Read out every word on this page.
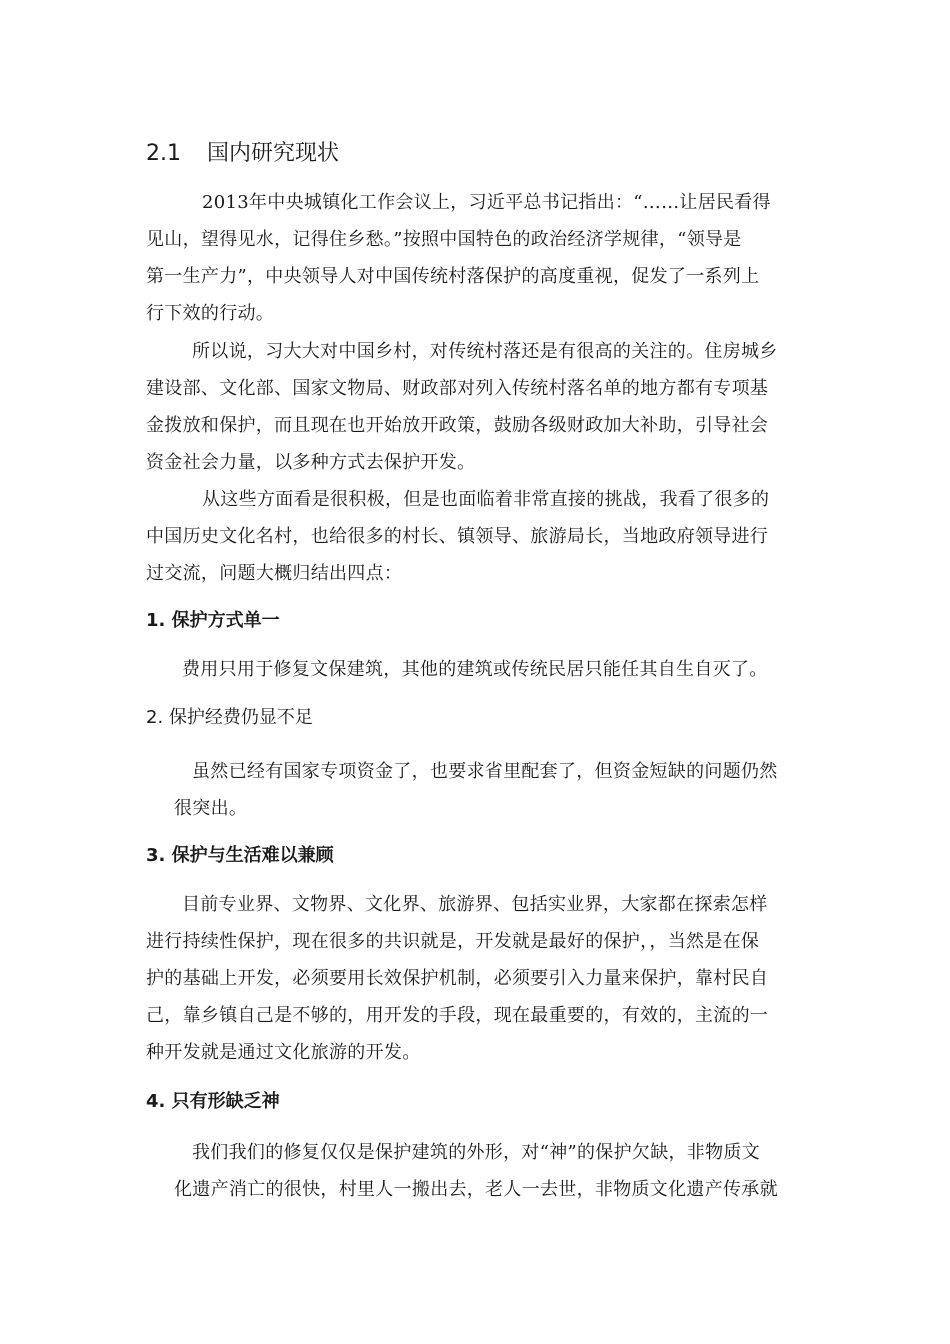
2.1 国内研究现状
2013年中央城镇化工作会议上，习近平总书记指出：“……让居民看得
见山，望得见水，记得住乡愁。”按照中国特色的政治经济学规律，“领导是
第一生产力”，中央领导人对中国传统村落保护的高度重视，促发了一系列上
行下效的行动。
所以说，习大大对中国乡村，对传统村落还是有很高的关注的。住房城乡
建设部、文化部、国家文物局、财政部对列入传统村落名单的地方都有专项基
金拨放和保护，而且现在也开始放开政策，鼓励各级财政加大补助，引导社会
资金社会力量，以多种方式去保护开发。
从这些方面看是很积极，但是也面临着非常直接的挑战，我看了很多的
中国历史文化名村，也给很多的村长、镇领导、旅游局长，当地政府领导进行
过交流，问题大概归结出四点：
1. 保护方式单一
费用只用于修复文保建筑，其他的建筑或传统民居只能任其自生自灭了。
2. 保护经费仍显不足
虽然已经有国家专项资金了，也要求省里配套了，但资金短缺的问题仍然
很突出。
3. 保护与生活难以兼顾
目前专业界、文物界、文化界、旅游界、包括实业界，大家都在探索怎样
进行持续性保护，现在很多的共识就是，开发就是最好的保护，，当然是在保
护的基础上开发，必须要用长效保护机制，必须要引入力量来保护，靠村民自
己，靠乡镇自己是不够的，用开发的手段，现在最重要的，有效的，主流的一
种开发就是通过文化旅游的开发。
4. 只有形缺乏神
我们我们的修复仅仅是保护建筑的外形，对“神”的保护欠缺，非物质文
化遗产消亡的很快，村里人一搬出去，老人一去世，非物质文化遗产传承就
